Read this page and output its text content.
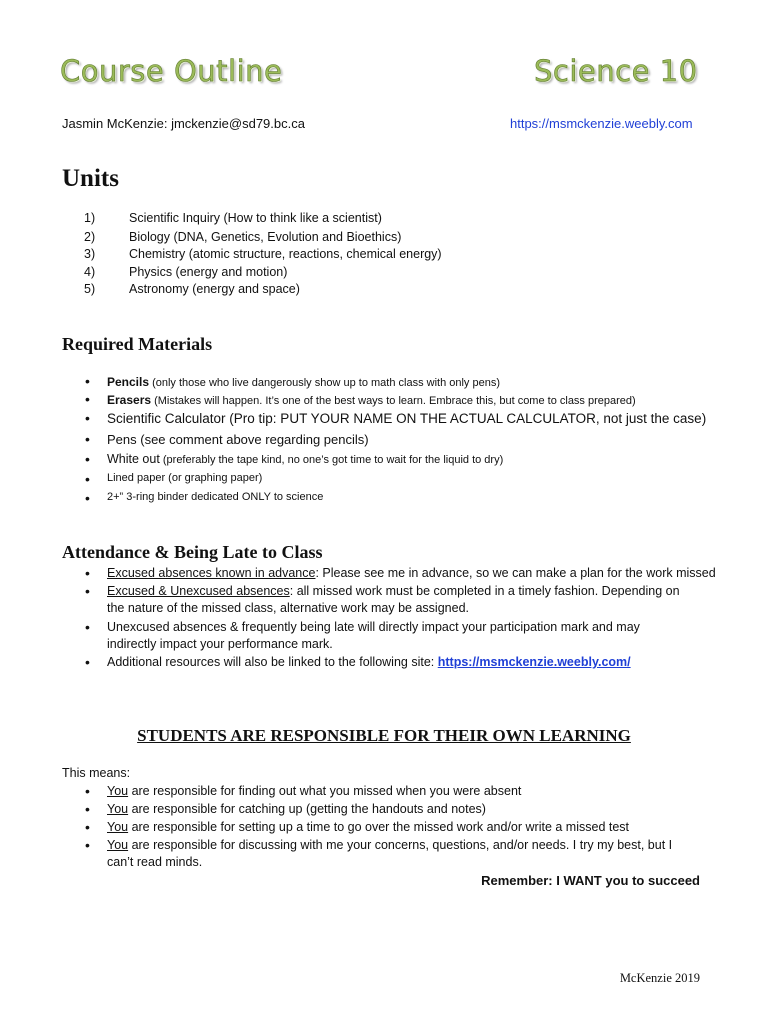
Course Outline	Science 10
Jasmin McKenzie: jmckenzie@sd79.bc.ca	https://msmckenzie.weebly.com
Units
1)	Scientific Inquiry (How to think like a scientist)
2)	Biology (DNA, Genetics, Evolution and Bioethics)
3)	Chemistry (atomic structure, reactions, chemical energy)
4)	Physics (energy and motion)
5)	Astronomy (energy and space)
Required Materials
• Pencils (only those who live dangerously show up to math class with only pens)
• Erasers (Mistakes will happen. It’s one of the best ways to learn. Embrace this, but come to class prepared)
• Scientific Calculator (Pro tip: PUT YOUR NAME ON THE ACTUAL CALCULATOR, not just the case)
• Pens (see comment above regarding pencils)
• White out (preferably the tape kind, no one’s got time to wait for the liquid to dry)
• Lined paper (or graphing paper)
• 2+” 3-ring binder dedicated ONLY to science
Attendance & Being Late to Class
• Excused absences known in advance: Please see me in advance, so we can make a plan for the work missed
• Excused & Unexcused absences: all missed work must be completed in a timely fashion. Depending on
the nature of the missed class, alternative work may be assigned.
• Unexcused absences & frequently being late will directly impact your participation mark and may
indirectly impact your performance mark.
• Additional resources will also be linked to the following site: https://msmckenzie.weebly.com/
STUDENTS ARE RESPONSIBLE FOR THEIR OWN LEARNING
This means:
• You are responsible for finding out what you missed when you were absent
• You are responsible for catching up (getting the handouts and notes)
• You are responsible for setting up a time to go over the missed work and/or write a missed test
• You are responsible for discussing with me your concerns, questions, and/or needs. I try my best, but I
can’t read minds.
Remember: I WANT you to succeed
McKenzie 2019
